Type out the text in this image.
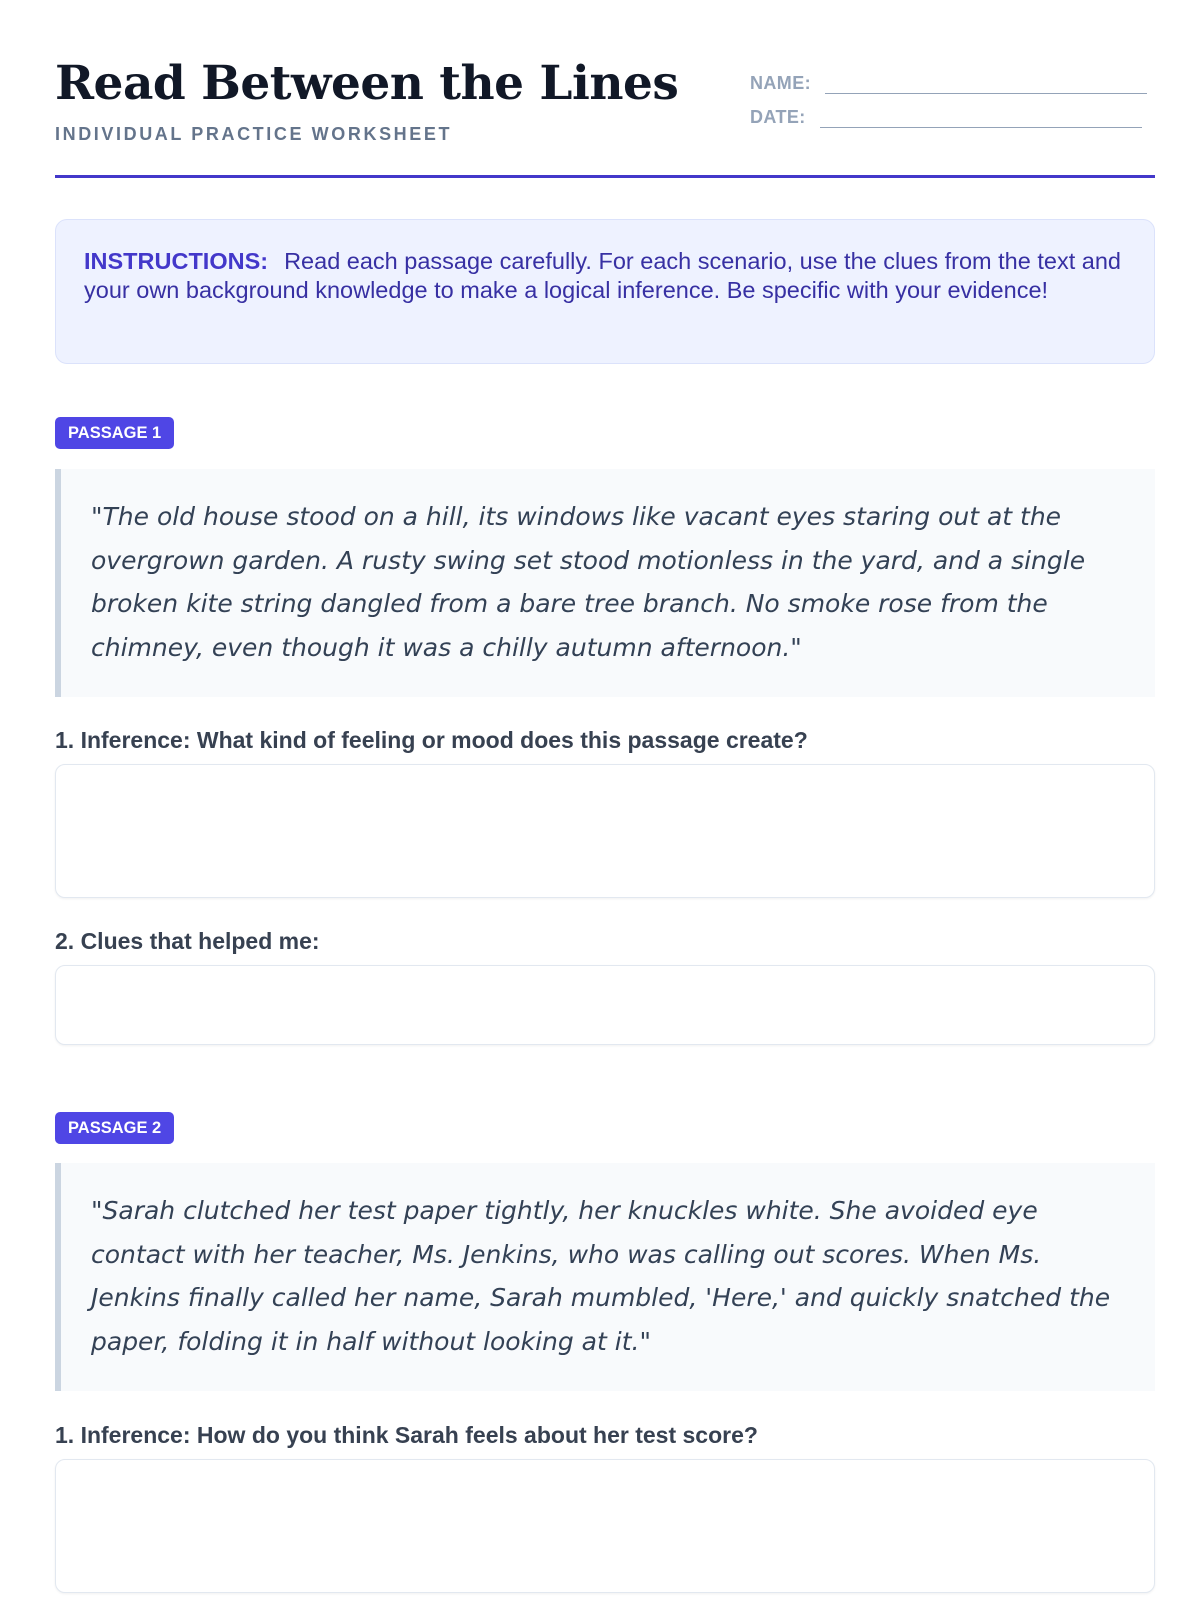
Read Between the Lines
INDIVIDUAL PRACTICE WORKSHEET
NAME:
DATE:
INSTRUCTIONS: Read each passage carefully. For each scenario, use the clues from the text and your own background knowledge to make a logical inference. Be specific with your evidence!
PASSAGE 1
"The old house stood on a hill, its windows like vacant eyes staring out at the overgrown garden. A rusty swing set stood motionless in the yard, and a single broken kite string dangled from a bare tree branch. No smoke rose from the chimney, even though it was a chilly autumn afternoon."
1. Inference: What kind of feeling or mood does this passage create?
2. Clues that helped me:
PASSAGE 2
"Sarah clutched her test paper tightly, her knuckles white. She avoided eye contact with her teacher, Ms. Jenkins, who was calling out scores. When Ms. Jenkins finally called her name, Sarah mumbled, 'Here,' and quickly snatched the paper, folding it in half without looking at it."
1. Inference: How do you think Sarah feels about her test score?
